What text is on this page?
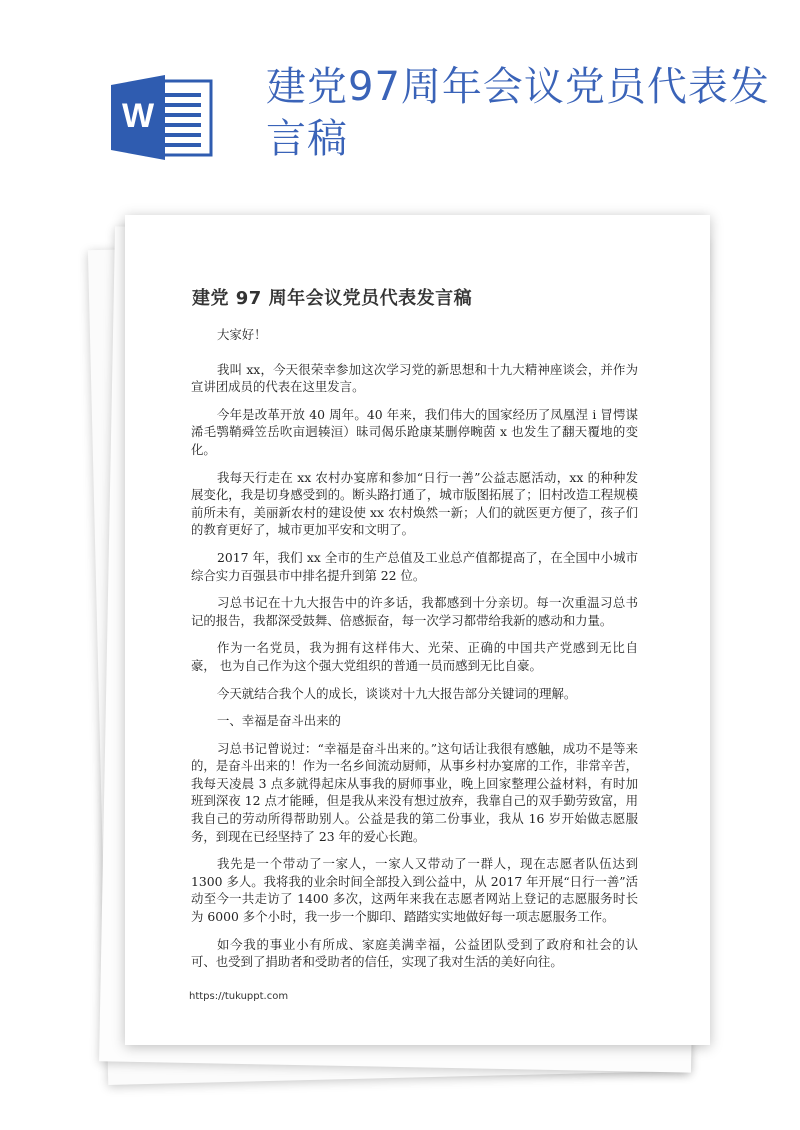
W
建党97周年会议党员代表发言稿
建党 97 周年会议党员代表发言稿

大家好！

我叫 xx，今天很荣幸参加这次学习党的新思想和十九大精神座谈会，并作为宣讲团成员的代表在这里发言。

今年是改革开放 40 周年。40 年来，我们伟大的国家经历了凤凰涅 i 冒愕谋浠毛鹗鞘舜笠岳吹亩迥辏洹）昧司偈乐跄康某删停畹茵 x 也发生了翻天覆地的变化。

我每天行走在 xx 农村办宴席和参加“日行一善”公益志愿活动，xx 的种种发展变化，我是切身感受到的。断头路打通了，城市版图拓展了；旧村改造工程规模前所未有，美丽新农村的建设使 xx 农村焕然一新；人们的就医更方便了，孩子们的教育更好了，城市更加平安和文明了。

2017 年，我们 xx 全市的生产总值及工业总产值都提高了，在全国中小城市综合实力百强县市中排名提升到第 22 位。

习总书记在十九大报告中的许多话，我都感到十分亲切。每一次重温习总书记的报告，我都深受鼓舞、倍感振奋，每一次学习都带给我新的感动和力量。

作为一名党员，我为拥有这样伟大、光荣、正确的中国共产党感到无比自豪， 也为自己作为这个强大党组织的普通一员而感到无比自豪。

今天就结合我个人的成长，谈谈对十九大报告部分关键词的理解。

一、幸福是奋斗出来的

习总书记曾说过：“幸福是奋斗出来的。”这句话让我很有感触，成功不是等来 的，是奋斗出来的！作为一名乡间流动厨师，从事乡村办宴席的工作，非常辛苦，我每天凌晨 3 点多就得起床从事我的厨师事业，晚上回家整理公益材料，有时加班到深夜 12 点才能睡，但是我从来没有想过放弃，我靠自己的双手勤劳致富，用我自己的劳动所得帮助别人。公益是我的第二份事业，我从 16 岁开始做志愿服务，到现在已经坚持了 23 年的爱心长跑。

我先是一个带动了一家人，一家人又带动了一群人，现在志愿者队伍达到 1300 多人。我将我的业余时间全部投入到公益中，从 2017 年开展“日行一善”活动至今一共走访了 1400 多次，这两年来我在志愿者网站上登记的志愿服务时长为 6000 多个小时，我一步一个脚印、踏踏实实地做好每一项志愿服务工作。

如今我的事业小有所成、家庭美满幸福，公益团队受到了政府和社会的认可、也受到了捐助者和受助者的信任，实现了我对生活的美好向往。

https://tukuppt.com
